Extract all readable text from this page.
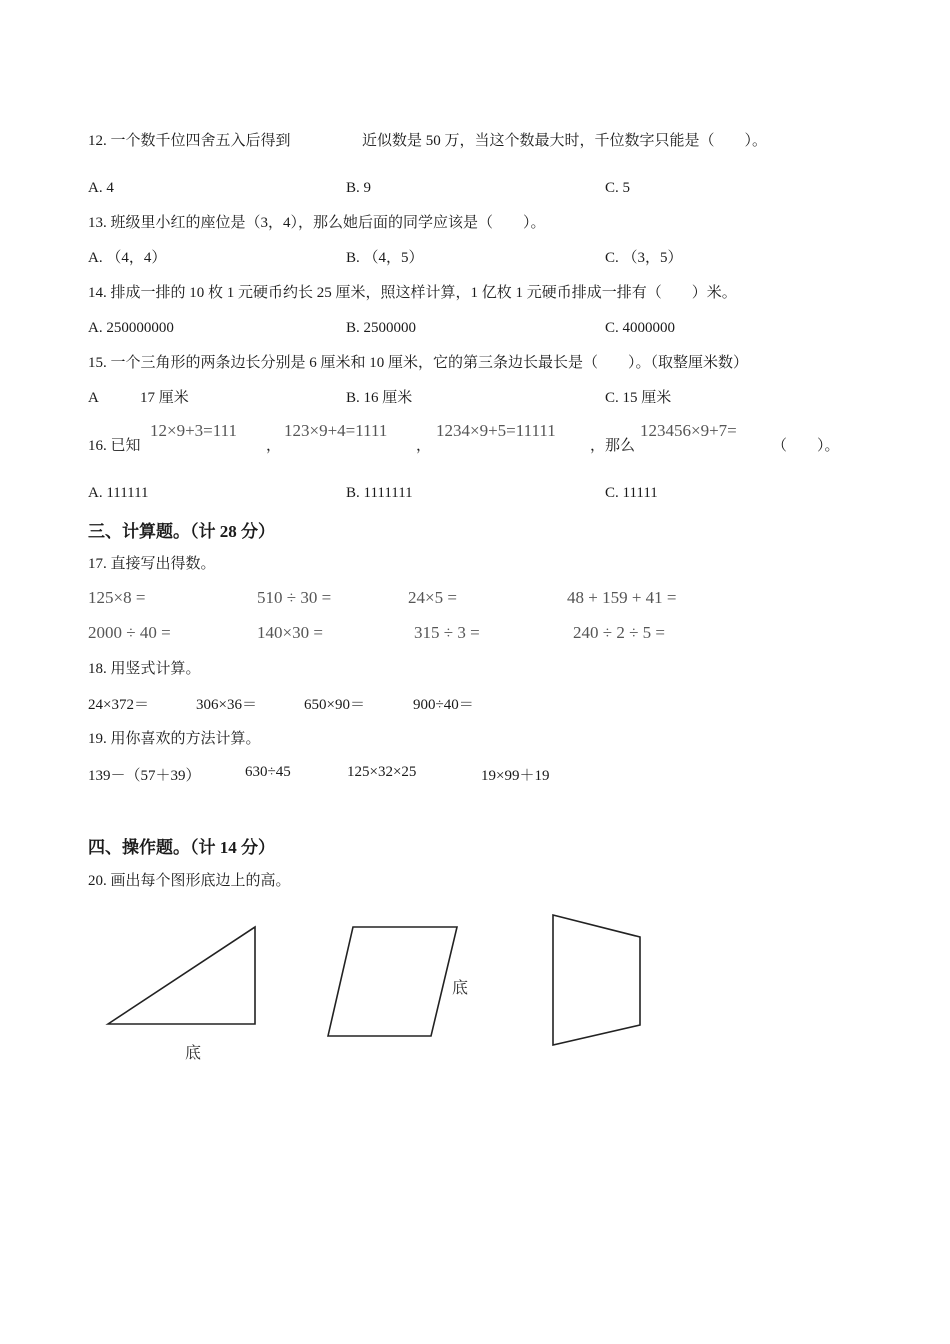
12. 一个数千位四舍五入后得到	近似数是 50 万，当这个数最大时，千位数字只能是（　　）。
A. 4	B. 9	C. 5
13. 班级里小红的座位是（3，4），那么她后面的同学应该是（　　）。
A. （4，4）	B. （4，5）	C. （3，5）
14. 排成一排的 10 枚 1 元硬币约长 25 厘米，照这样计算，1 亿枚 1 元硬币排成一排有（　　）米。
A. 250000000	B. 2500000	C. 4000000
15. 一个三角形的两条边长分别是 6 厘米和 10 厘米，它的第三条边长最长是（　　）。（取整厘米数）
A	17 厘米	B. 16 厘米	C. 15 厘米
16. 已知
12×9+3=111
，
123×9+4=1111
，
1234×9+5=11111
，那么
123456×9+7=
（　　）。
A. 111111	B. 1111111	C. 11111
三、计算题。（计 28 分）
17. 直接写出得数。
125×8 =	510 ÷ 30 =	24×5 =	48 + 159 + 41 =
2000 ÷ 40 =	140×30 =	315 ÷ 3 =	240 ÷ 2 ÷ 5 =
18. 用竖式计算。
24×372＝	306×36＝	650×90＝	900÷40＝
19. 用你喜欢的方法计算。
139－（57＋39）	630÷45	125×32×25	19×99＋19
四、操作题。（计 14 分）
20. 画出每个图形底边上的高。
底
底
